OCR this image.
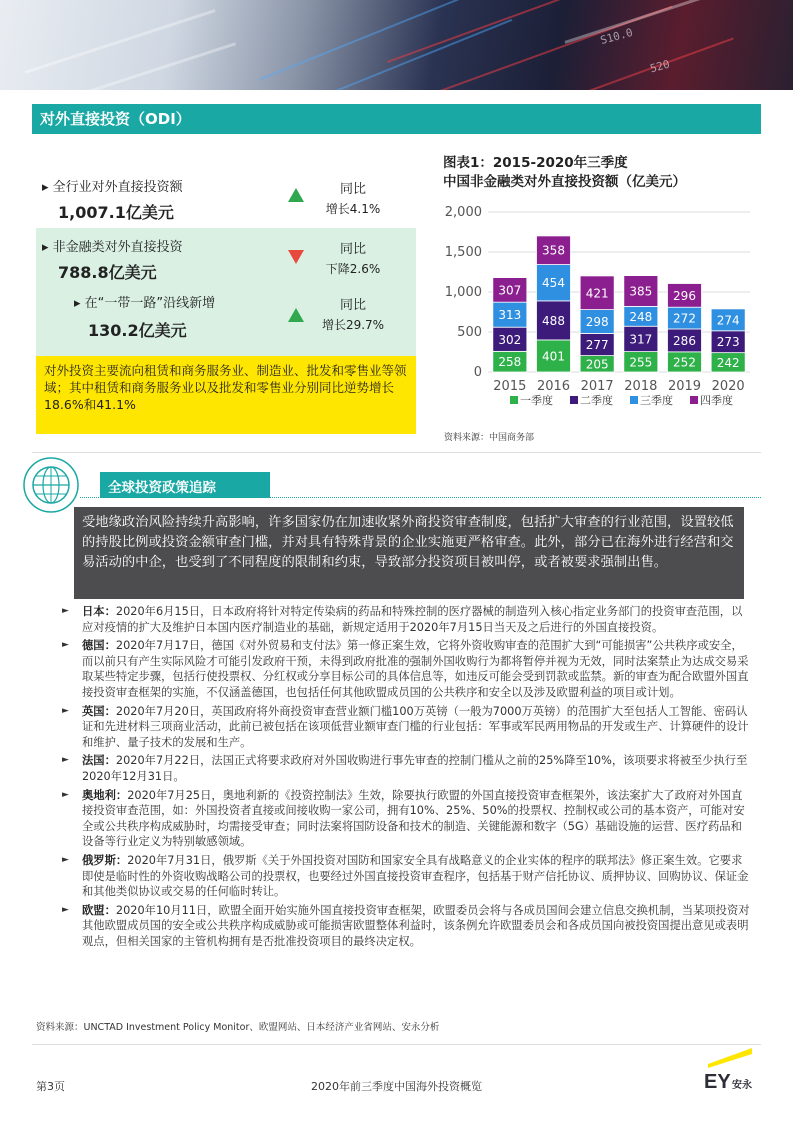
S10.0
520
对外直接投资（ODI）
▸ 全行业对外直接投资额
1,007.1亿美元
同比
增长4.1%
▸ 非金融类对外直接投资
788.8亿美元
同比
下降2.6%
▸ 在“一带一路”沿线新增
130.2亿美元
同比
增长29.7%
对外投资主要流向租赁和商务服务业、制造业、批发和零售业等领域；其中租赁和商务服务业以及批发和零售业分别同比逆势增长18.6%和41.1%
图表1：2015-2020年三季度
中国非金融类对外直接投资额（亿美元）
0
500
1,000
1,500
2,000
258
302
313
307
2015
401
488
454
358
2016
205
277
298
421
2017
255
317
248
385
2018
252
286
272
296
2019
242
273
274
2020
一季度 二季度 三季度 四季度
资料来源：中国商务部
全球投资政策追踪

受地缘政治风险持续升高影响，许多国家仍在加速收紧外商投资审查制度，包括扩大审查的行业范围，设置较低的持股比例或投资金额审查门槛，并对具有特殊背景的企业实施更严格审查。此外，部分已在海外进行经营和交易活动的中企，也受到了不同程度的限制和约束，导致部分投资项目被叫停，或者被要求强制出售。

► 日本：2020年6月15日，日本政府将针对特定传染病的药品和特殊控制的医疗器械的制造列入核心指定业务部门的投资审查范围，以应对疫情的扩大及维护日本国内医疗制造业的基础，新规定适用于2020年7月15日当天及之后进行的外国直接投资。
► 德国：2020年7月17日，德国《对外贸易和支付法》第一修正案生效，它将外资收购审查的范围扩大到“可能损害”公共秩序或安全，而以前只有产生实际风险才可能引发政府干预，未得到政府批准的强制外国收购行为都将暂停并视为无效，同时法案禁止为达成交易采取某些特定步骤，包括行使投票权、分红权或分享目标公司的具体信息等，如违反可能会受到罚款或监禁。新的审查为配合欧盟外国直接投资审查框架的实施，不仅涵盖德国，也包括任何其他欧盟成员国的公共秩序和安全以及涉及欧盟利益的项目或计划。
► 英国：2020年7月20日，英国政府将外商投资审查营业额门槛100万英镑（一般为7000万英镑）的范围扩大至包括人工智能、密码认证和先进材料三项商业活动，此前已被包括在该项低营业额审查门槛的行业包括：军事或军民两用物品的开发或生产、计算硬件的设计和维护、量子技术的发展和生产。
► 法国：2020年7月22日，法国正式将要求政府对外国收购进行事先审查的控制门槛从之前的25%降至10%，该项要求将被至少执行至2020年12月31日。
► 奥地利：2020年7月25日，奥地利新的《投资控制法》生效，除要执行欧盟的外国直接投资审查框架外，该法案扩大了政府对外国直接投资审查范围，如：外国投资者直接或间接收购一家公司，拥有10%、25%、50%的投票权、控制权或公司的基本资产，可能对安全或公共秩序构成威胁时，均需接受审查；同时法案将国防设备和技术的制造、关键能源和数字（5G）基础设施的运营、医疗药品和设备等行业定义为特别敏感领域。
► 俄罗斯：2020年7月31日，俄罗斯《关于外国投资对国防和国家安全具有战略意义的企业实体的程序的联邦法》修正案生效。它要求即使是临时性的外资收购战略公司的投票权，也要经过外国直接投资审查程序，包括基于财产信托协议、质押协议、回购协议、保证金和其他类似协议或交易的任何临时转让。
► 欧盟：2020年10月11日，欧盟全面开始实施外国直接投资审查框架，欧盟委员会将与各成员国间会建立信息交换机制，当某项投资对其他欧盟成员国的安全或公共秩序构成威胁或可能损害欧盟整体利益时，该条例允许欧盟委员会和各成员国向被投资国提出意见或表明观点，但相关国家的主管机构拥有是否批准投资项目的最终决定权。
资料来源：UNCTAD Investment Policy Monitor、欧盟网站、日本经济产业省网站、安永分析
2020年前三季度中国海外投资概览
第3页	EY 安永
